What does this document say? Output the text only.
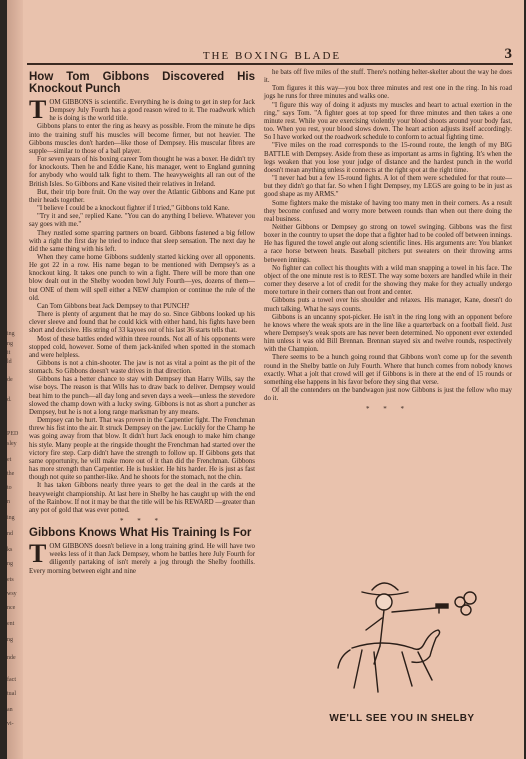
ing
ng
it
ld
de
d.
PED
sley
et
the
to
n
ing
nd
ks
ng
ets
wsy
nce
ent
ng
nde
fact
tual
an
vi-
THE BOXING BLADE	3
How Tom Gibbons Discovered His Knockout Punch
T OM GIBBONS is scientific. Everything he is doing to get in step for Jack Dempsey July Fourth has a good reason wired to it. The roadwork which he is doing is the world title.

Gibbons plans to enter the ring as heavy as possible. From the minute he dips into the training stuff his muscles will become firmer, but not heavier. The Gibbons muscles don't harden—like those of Dempsey. His muscular fibres are supple—similar to those of a ball player.

For seven years of his boxing career Tom thought he was a boxer. He didn't try for knockouts. Then he and Eddie Kane, his manager, went to England gunning for anybody who would talk fight to them. The heavyweights all ran out of the British Isles. So Gibbons and Kane visited their relatives in Ireland.

But, their trip bore fruit. On the way over the Atlantic Gibbons and Kane put their heads together.

"I believe I could be a knockout fighter if I tried," Gibbons told Kane.

"Try it and see," replied Kane. "You can do anything I believe. Whatever you say goes with me."

They rustled some sparring partners on board. Gibbons fastened a big fellow with a right the first day he tried to induce that sleep sensation. The next day he did the same thing with his left.

When they came home Gibbons suddenly started kicking over all opponents. He got 22 in a row. His name began to be mentioned with Dempsey's as a knockout king. It takes one punch to win a fight. There will be more than one blow dealt out in the Shelby wooden bowl July Fourth—yes, dozens of them—but ONE of them will spell either a NEW champion or continue the rule of the old.

Can Tom Gibbons beat Jack Dempsey to that PUNCH?

There is plenty of argument that he may do so. Since Gibbons looked up his clever sleeve and found that he could kick with either hand, his fights have been short and decisive. His string of 33 kayoes out of his last 36 starts tells that.

Most of these battles ended within three rounds. Not all of his opponents were stopped cold, however. Some of them jack-knifed when spotted in the stomach and were helpless.

Gibbons is not a chin-shooter. The jaw is not as vital a point as the pit of the stomach. So Gibbons doesn't waste drives in that direction.

Gibbons has a better chance to stay with Dempsey than Harry Wills, say the wise boys. The reason is that Wills has to draw back to deliver. Dempsey would beat him to the punch—all day long and seven days a week—unless the stevedore slowed the champ down with a lucky swing. Gibbons is not as short a puncher as Dempsey, but he is not a long range marksman by any means.

Dempsey can be hurt. That was proven in the Carpentier fight. The Frenchman threw his fist into the air. It struck Dempsey on the jaw. Luckily for the Champ he was going away from that blow. It didn't hurt Jack enough to make him change his style. Many people at the ringside thought the Frenchman had started over the victory fire step. Carp didn't have the strength to follow up. If Gibbons gets that same opportunity, he will make more out of it than did the Frenchman. Gibbons has more strength than Carpentier. He is huskier. He hits harder. He is just as fast though not quite so panther-like. And he shoots for the stomach, not the chin.

It has taken Gibbons nearly three years to get the deal in the cards at the heavyweight championship. At last here in Shelby he has caught up with the end of the Rainbow. If not it may be that the title will be his REWARD —greater than any pot of gold that was ever potted.

* * *
Gibbons Knows What His Training Is For
T OM GIBBONS doesn't believe in a long training grind. He will have two weeks less of it than Jack Dempsey, whom he battles here July Fourth for diligently partaking of isn't merely a jog through the Shelby foothills. Every morning between eight and nine

he bats off five miles of the stuff. There's nothing helter-skelter about the way he does it.

Tom figures it this way—you box three minutes and rest one in the ring. In his road jogs he runs for three minutes and walks one.

"I figure this way of doing it adjusts my muscles and heart to actual exertion in the ring," says Tom. "A fighter goes at top speed for three minutes and then takes a one minute rest. While you are exercising violently your blood shoots around your body fast, too. When you rest, your blood slows down. The heart action adjusts itself accordingly. So I have worked out the roadwork schedule to conform to actual fighting time.

"Five miles on the road corresponds to the 15-round route, the length of my BIG BATTLE with Dempsey. Aside from these as important as arms in fighting. It's when the legs weaken that you lose your judge of distance and the hardest punch in the world doesn't mean anything unless it connects at the right spot at the right time.

"I never had but a few 15-round fights. A lot of them were scheduled for that route—but they didn't go that far. So when I fight Dempsey, my LEGS are going to be in just as good shape as my ARMS."

Some fighters make the mistake of having too many men in their corners. As a result they become confused and worry more between rounds than when out there doing the real business.

Neither Gibbons or Dempsey go strong on towel swinging. Gibbons was the first boxer in the country to upset the dope that a fighter had to be cooled off between innings. He has figured the towel angle out along scientific lines. His arguments are: You blanket a race horse between heats. Baseball pitchers put sweaters on their throwing arms between innings.

No fighter can collect his thoughts with a wild man snapping a towel in his face. The object of the one minute rest is to REST. The way some boxers are handled while in their corner they deserve a lot of credit for the showing they make for they actually undergo more torture in their corners than out front and center.

Gibbons puts a towel over his shoulder and relaxes. His manager, Kane, doesn't do much talking. What he says counts.

Gibbons is an uncanny spot-picker. He isn't in the ring long with an opponent before he knows where the weak spots are in the line like a quarterback on a football field. Just where Dempsey's weak spots are has never been determined. No opponent ever extended him unless it was old Bill Brennan. Brennan stayed six and twelve rounds, respectively with the Champion.

There seems to be a hunch going round that Gibbons won't come up for the seventh round in the Shelby battle on July Fourth. Where that hunch comes from nobody knows exactly. What a jolt that crowd will get if Gibbons is in there at the end of 15 rounds or something else happens in his favor before they sing that verse.

Of all the contenders on the bandwagon just now Gibbons is just the fellow who may do it.

* * *
WE'LL SEE YOU IN SHELBY
